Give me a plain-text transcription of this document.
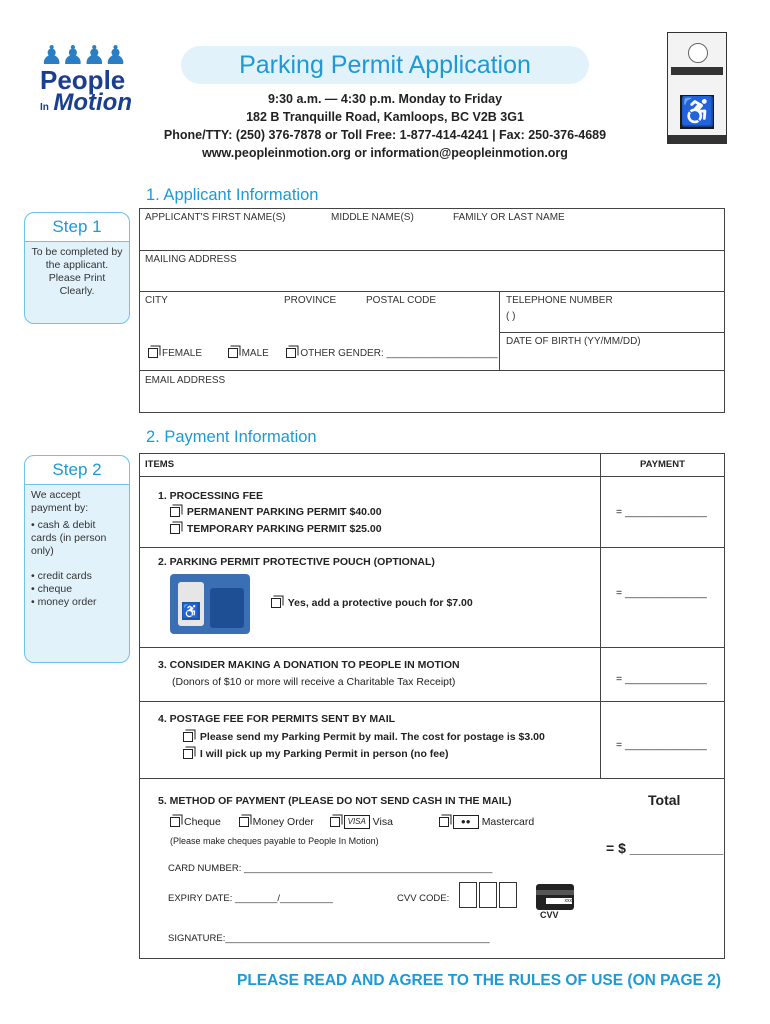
♟♟♟♟
People
In Motion
Parking Permit Application
9:30 a.m. — 4:30 p.m. Monday to Friday
182 B Tranquille Road, Kamloops, BC V2B 3G1
Phone/TTY: (250) 376-7878 or Toll Free: 1-877-414-4241 | Fax: 250-376-4689
www.peopleinmotion.org or information@peopleinmotion.org
♿
1. Applicant Information
Step 1
To be completed by the applicant. Please Print Clearly.
APPLICANT'S FIRST NAME(S)	MIDDLE NAME(S)	FAMILY OR LAST NAME
MAILING ADDRESS
CITY	PROVINCE	POSTAL CODE	TELEPHONE NUMBER
( )
DATE OF BIRTH (YY/MM/DD)
FEMALE	MALE	OTHER GENDER: ____________________
EMAIL ADDRESS
2. Payment Information
Step 2
We accept payment by:
• cash & debit cards (in person only)
• credit cards
• cheque
• money order
ITEMS	PAYMENT
1. PROCESSING FEE
PERMANENT PARKING PERMIT $40.00
TEMPORARY PARKING PERMIT $25.00
= ______________
2. PARKING PERMIT PROTECTIVE POUCH (OPTIONAL)
♿	Yes, add a protective pouch for $7.00
= ______________
3. CONSIDER MAKING A DONATION TO PEOPLE IN MOTION
(Donors of $10 or more will receive a Charitable Tax Receipt)	= ______________
4. POSTAGE FEE FOR PERMITS SENT BY MAIL
Please send my Parking Permit by mail. The cost for postage is $3.00
I will pick up my Parking Permit in person (no fee)
= ______________
5. METHOD OF PAYMENT (PLEASE DO NOT SEND CASH IN THE MAIL)	Total
Cheque	Money Order	VISA Visa	●● Mastercard
(Please make cheques payable to People In Motion)	= $ ____________
CARD NUMBER: _______________________________________________
EXPIRY DATE: ________/__________	CVV CODE:	xxx
CVV
SIGNATURE:__________________________________________________
PLEASE READ AND AGREE TO THE RULES OF USE (ON PAGE 2)
